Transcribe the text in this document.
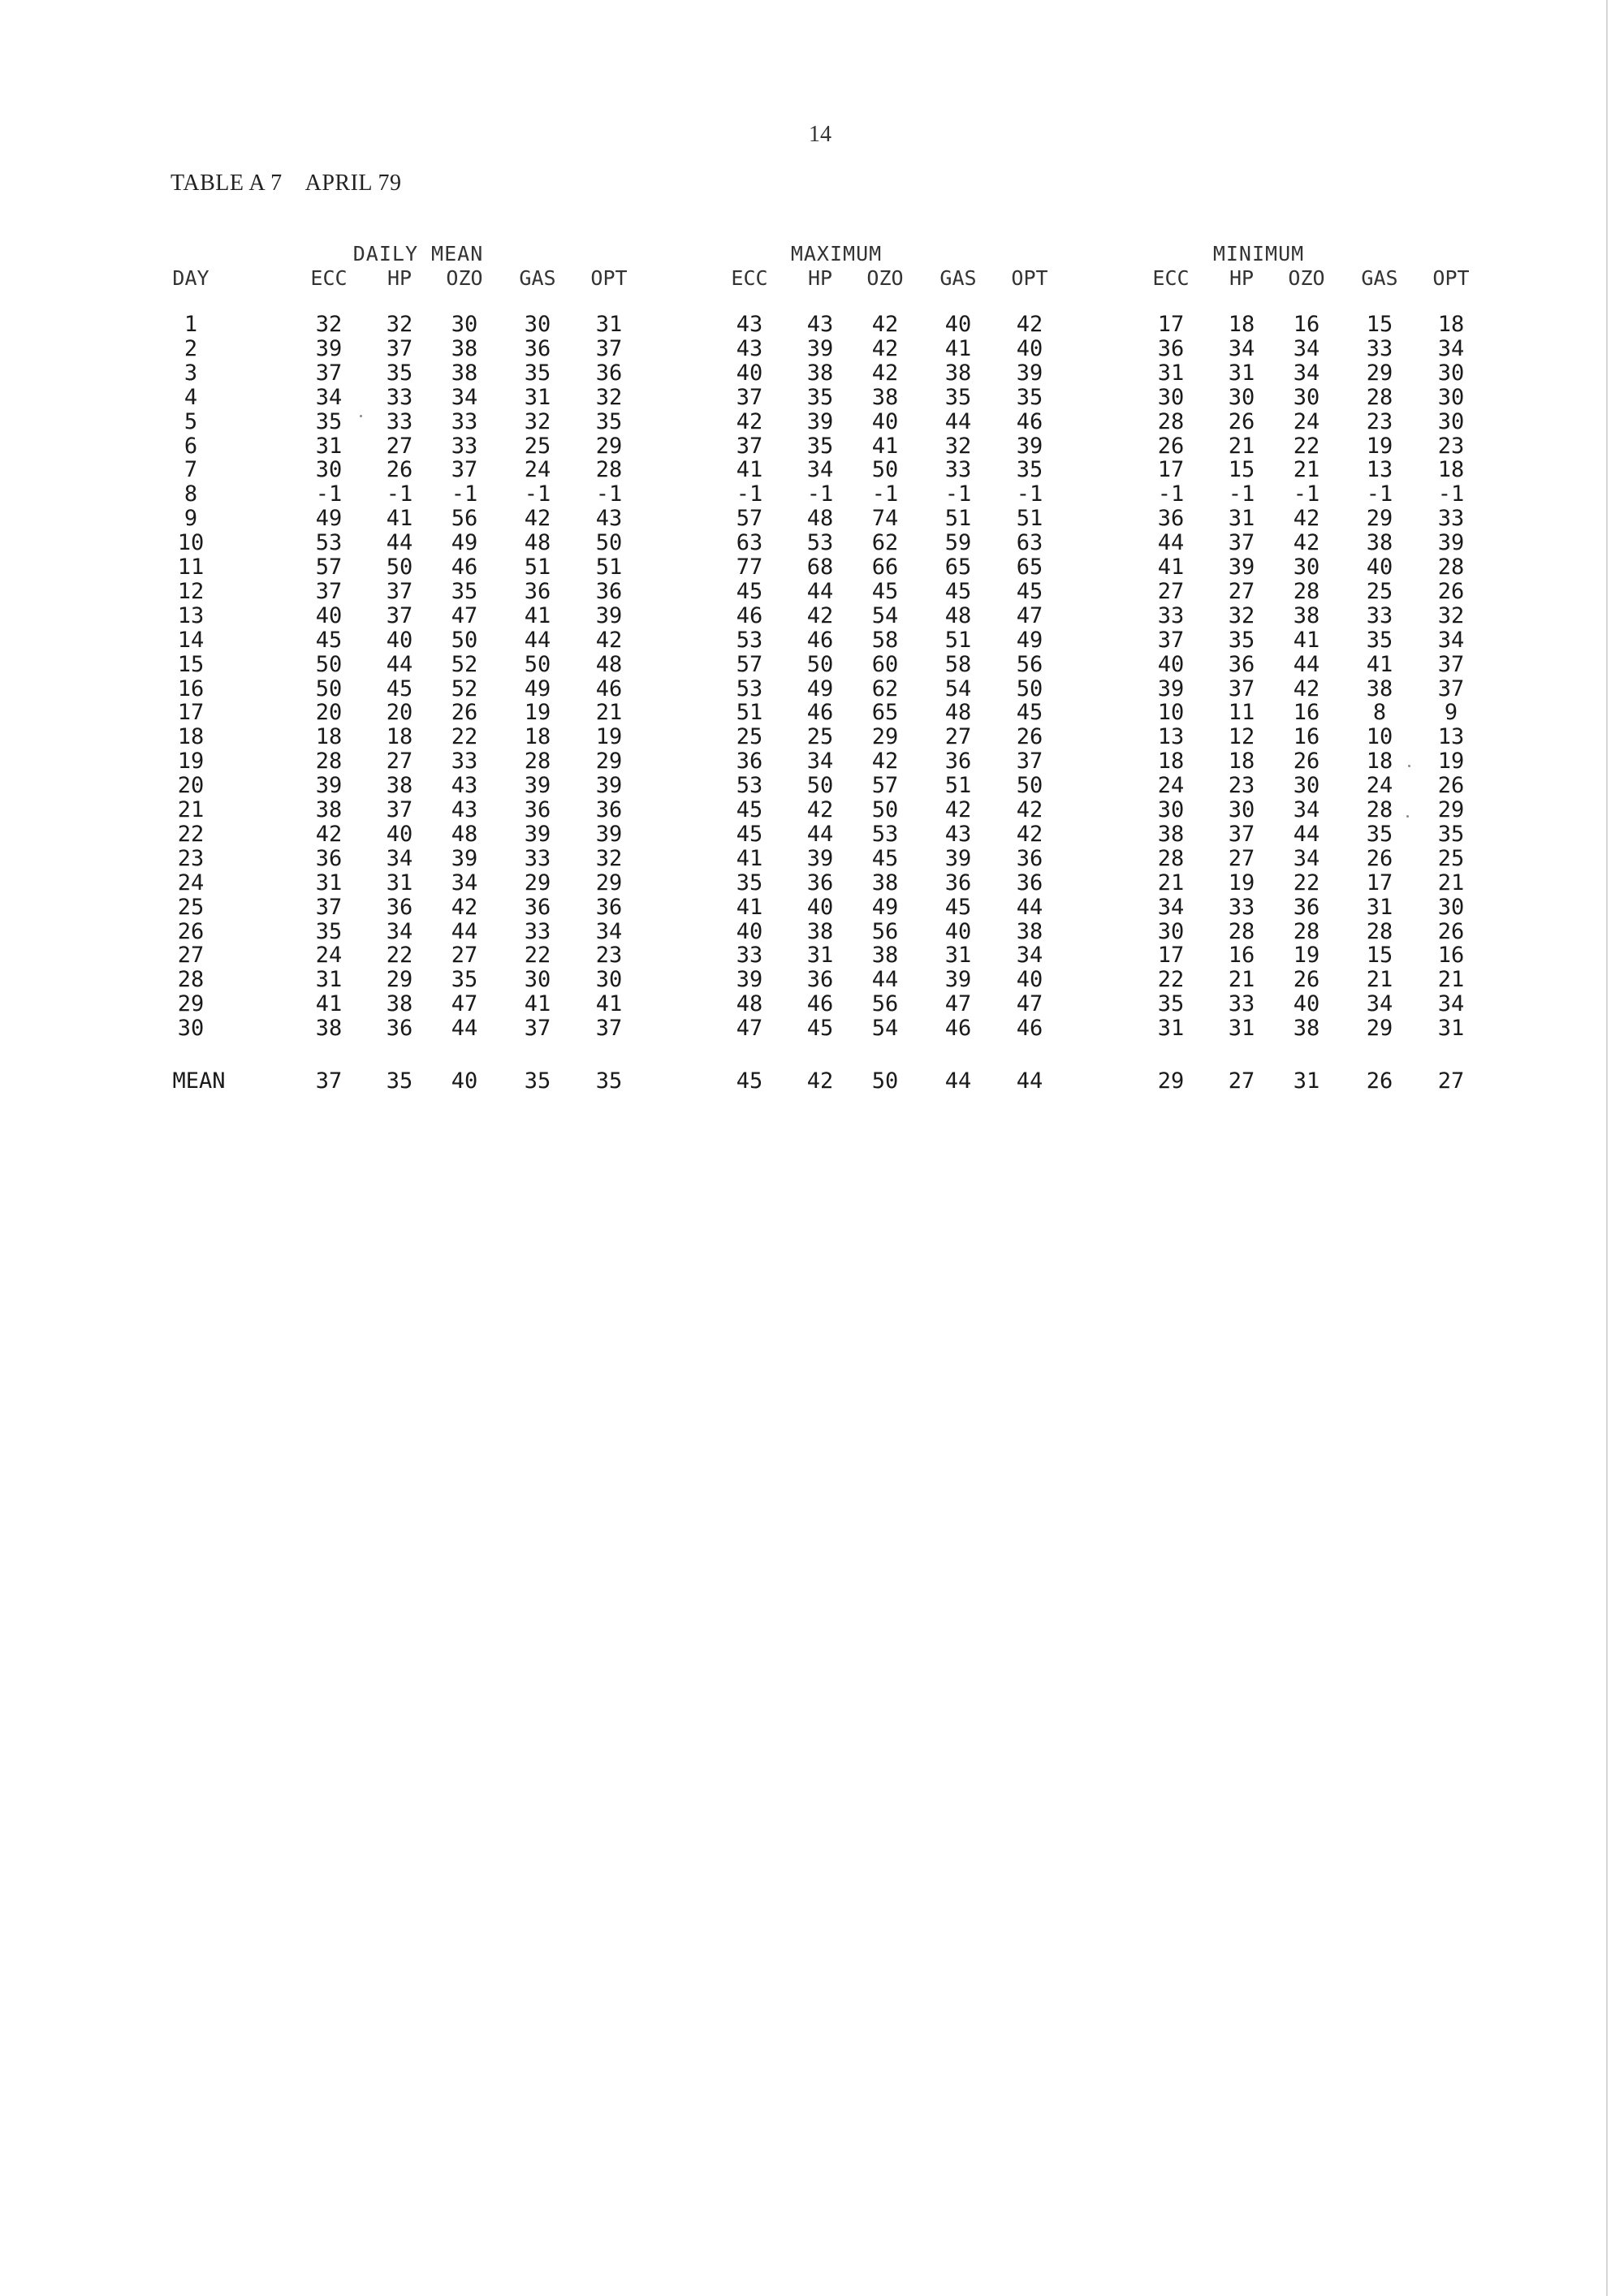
14
TABLE A 7 APRIL 79
DAILY MEAN	MAXIMUM	MINIMUM
DAY	ECC	HP	OZO	GAS	OPT	ECC	HP	OZO	GAS	OPT	ECC	HP	OZO	GAS	OPT
1	32	32	30	30	31	43	43	42	40	42	17	18	16	15	18
2	39	37	38	36	37	43	39	42	41	40	36	34	34	33	34
3	37	35	38	35	36	40	38	42	38	39	31	31	34	29	30
4	34	33	34	31	32	37	35	38	35	35	30	30	30	28	30
5	35	33	33	32	35	42	39	40	44	46	28	26	24	23	30
6	31	27	33	25	29	37	35	41	32	39	26	21	22	19	23
7	30	26	37	24	28	41	34	50	33	35	17	15	21	13	18
8	-1	-1	-1	-1	-1	-1	-1	-1	-1	-1	-1	-1	-1	-1	-1
9	49	41	56	42	43	57	48	74	51	51	36	31	42	29	33
10	53	44	49	48	50	63	53	62	59	63	44	37	42	38	39
11	57	50	46	51	51	77	68	66	65	65	41	39	30	40	28
12	37	37	35	36	36	45	44	45	45	45	27	27	28	25	26
13	40	37	47	41	39	46	42	54	48	47	33	32	38	33	32
14	45	40	50	44	42	53	46	58	51	49	37	35	41	35	34
15	50	44	52	50	48	57	50	60	58	56	40	36	44	41	37
16	50	45	52	49	46	53	49	62	54	50	39	37	42	38	37
17	20	20	26	19	21	51	46	65	48	45	10	11	16	8	9
18	18	18	22	18	19	25	25	29	27	26	13	12	16	10	13
19	28	27	33	28	29	36	34	42	36	37	18	18	26	18	19
20	39	38	43	39	39	53	50	57	51	50	24	23	30	24	26
21	38	37	43	36	36	45	42	50	42	42	30	30	34	28	29
22	42	40	48	39	39	45	44	53	43	42	38	37	44	35	35
23	36	34	39	33	32	41	39	45	39	36	28	27	34	26	25
24	31	31	34	29	29	35	36	38	36	36	21	19	22	17	21
25	37	36	42	36	36	41	40	49	45	44	34	33	36	31	30
26	35	34	44	33	34	40	38	56	40	38	30	28	28	28	26
27	24	22	27	22	23	33	31	38	31	34	17	16	19	15	16
28	31	29	35	30	30	39	36	44	39	40	22	21	26	21	21
29	41	38	47	41	41	48	46	56	47	47	35	33	40	34	34
30	38	36	44	37	37	47	45	54	46	46	31	31	38	29	31
MEAN	37	35	40	35	35	45	42	50	44	44	29	27	31	26	27
